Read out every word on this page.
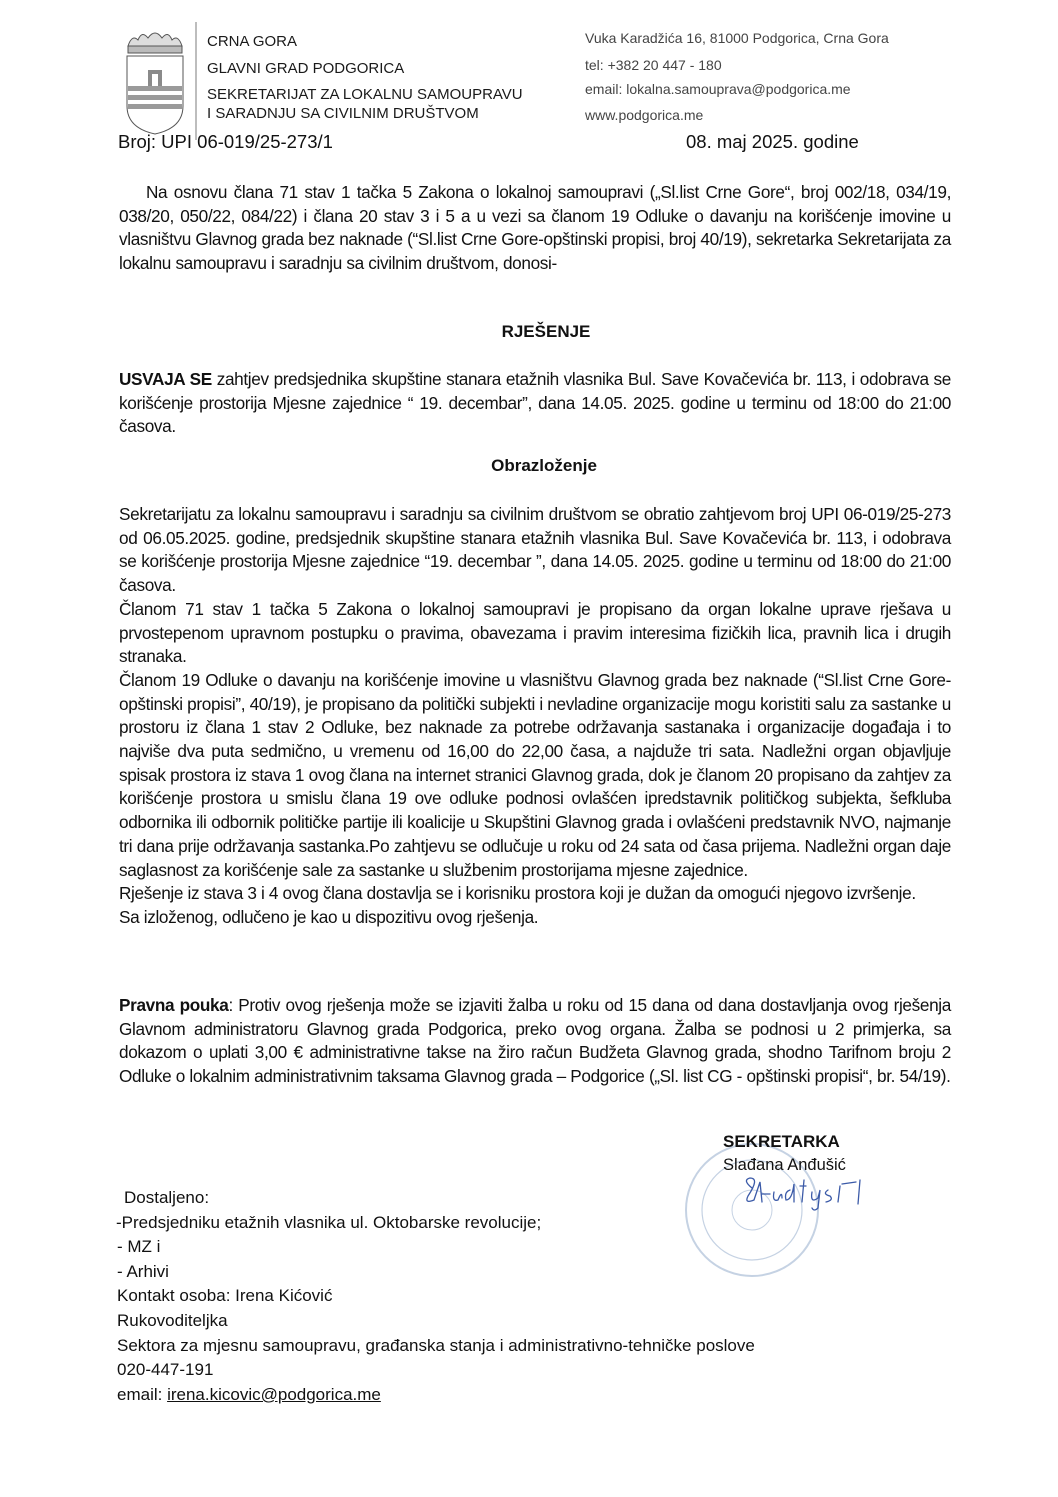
CRNA GORA
GLAVNI GRAD PODGORICA
SEKRETARIJAT ZA LOKALNU SAMOUPRAVU
I SARADNJU SA CIVILNIM DRUŠTVOM
Vuka Karadžića 16, 81000 Podgorica, Crna Gora
tel: +382 20 447 - 180
email: lokalna.samouprava@podgorica.me
www.podgorica.me
Broj: UPI 06-019/25-273/1	08. maj 2025. godine
Na osnovu člana 71 stav 1 tačka 5 Zakona o lokalnoj samoupravi („Sl.list Crne Gore“, broj 002/18, 034/19, 038/20, 050/22, 084/22) i člana 20 stav 3 i 5 a u vezi sa članom 19 Odluke o davanju na korišćenje imovine u vlasništvu Glavnog grada bez naknade (“Sl.list Crne Gore-opštinski propisi, broj 40/19), sekretarka Sekretarijata za lokalnu samoupravu i saradnju sa civilnim društvom, donosi-
RJEŠENJE
USVAJA SE zahtjev predsjednika skupštine stanara etažnih vlasnika Bul. Save Kovačevića br. 113, i odobrava se korišćenje prostorija Mjesne zajednice “ 19. decembar”, dana 14.05. 2025. godine u terminu od 18:00 do 21:00 časova.
Obrazloženje

Sekretarijatu za lokalnu samoupravu i saradnju sa civilnim društvom se obratio zahtjevom broj UPI 06-019/25-273 od 06.05.2025. godine, predsjednik skupštine stanara etažnih vlasnika Bul. Save Kovačevića br. 113, i odobrava se korišćenje prostorija Mjesne zajednice “19. decembar ”, dana 14.05. 2025. godine u terminu od 18:00 do 21:00 časova.

Članom 71 stav 1 tačka 5 Zakona o lokalnoj samoupravi je propisano da organ lokalne uprave rješava u prvostepenom upravnom postupku o pravima, obavezama i pravim interesima fizičkih lica, pravnih lica i drugih stranaka.

Članom 19 Odluke o davanju na korišćenje imovine u vlasništvu Glavnog grada bez naknade (“Sl.list Crne Gore-opštinski propisi”, 40/19), je propisano da politički subjekti i nevladine organizacije mogu koristiti salu za sastanke u prostoru iz člana 1 stav 2 Odluke, bez naknade za potrebe održavanja sastanaka i organizacije događaja i to najviše dva puta sedmično, u vremenu od 16,00 do 22,00 časa, a najduže tri sata. Nadležni organ objavljuje spisak prostora iz stava 1 ovog člana na internet stranici Glavnog grada, dok je članom 20 propisano da zahtjev za korišćenje prostora u smislu člana 19 ove odluke podnosi ovlašćen ipredstavnik političkog subjekta, šefkluba odbornika ili odbornik političke partije ili koalicije u Skupštini Glavnog grada i ovlašćeni predstavnik NVO, najmanje tri dana prije održavanja sastanka.Po zahtjevu se odlučuje u roku od 24 sata od časa prijema. Nadležni organ daje saglasnost za korišćenje sale za sastanke u službenim prostorijama mjesne zajednice.

Rješenje iz stava 3 i 4 ovog člana dostavlja se i korisniku prostora koji je dužan da omogući njegovo izvršenje.

Sa izloženog, odlučeno je kao u dispozitivu ovog rješenja.

Pravna pouka: Protiv ovog rješenja može se izjaviti žalba u roku od 15 dana od dana dostavljanja ovog rješenja Glavnom administratoru Glavnog grada Podgorica, preko ovog organa. Žalba se podnosi u 2 primjerka, sa dokazom o uplati 3,00 € administrativne takse na žiro račun Budžeta Glavnog grada, shodno Tarifnom broju 2 Odluke o lokalnim administrativnim taksama Glavnog grada – Podgorice („Sl. list CG - opštinski propisi“, br. 54/19).
SEKRETARKA
Slađana Anđušić
Dostaljeno:
-Predsjedniku etažnih vlasnika ul. Oktobarske revolucije;
- MZ i
- Arhivi
Kontakt osoba: Irena Kićović
Rukovoditeljka
Sektora za mjesnu samoupravu, građanska stanja i administrativno-tehničke poslove
020-447-191
email: irena.kicovic@podgorica.me
